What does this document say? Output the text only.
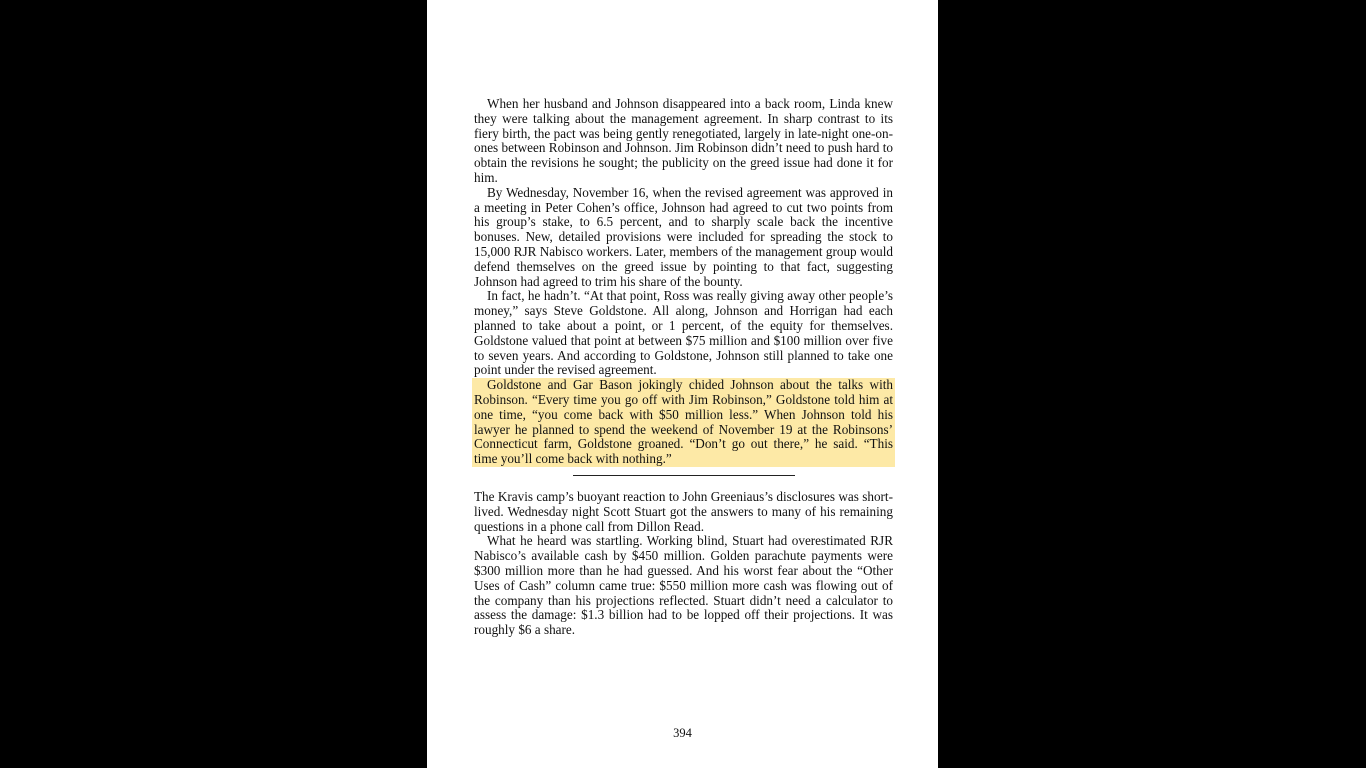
When her husband and Johnson disappeared into a back room, Linda knew they were talking about the management agreement. In sharp contrast to its fiery birth, the pact was being gently renegotiated, largely in late-night one-on-ones between Robinson and Johnson. Jim Robinson didn’t need to push hard to obtain the revisions he sought; the publicity on the greed issue had done it for him.

By Wednesday, November 16, when the revised agreement was approved in a meeting in Peter Cohen’s office, Johnson had agreed to cut two points from his group’s stake, to 6.5 percent, and to sharply scale back the incentive bonuses. New, detailed provisions were included for spreading the stock to 15,000 RJR Nabisco workers. Later, members of the management group would defend themselves on the greed issue by pointing to that fact, suggesting Johnson had agreed to trim his share of the bounty.

In fact, he hadn’t. “At that point, Ross was really giving away other people’s money,” says Steve Goldstone. All along, Johnson and Horrigan had each planned to take about a point, or 1 percent, of the equity for themselves. Goldstone valued that point at between $75 million and $100 million over five to seven years. And according to Goldstone, Johnson still planned to take one point under the revised agreement.

Goldstone and Gar Bason jokingly chided Johnson about the talks with Robinson. “Every time you go off with Jim Robinson,” Goldstone told him at one time, “you come back with $50 million less.” When Johnson told his lawyer he planned to spend the weekend of November 19 at the Robinsons’ Connecticut farm, Goldstone groaned. “Don’t go out there,” he said. “This time you’ll come back with nothing.”

The Kravis camp’s buoyant reaction to John Greeniaus’s disclosures was short-lived. Wednesday night Scott Stuart got the answers to many of his remaining questions in a phone call from Dillon Read.

What he heard was startling. Working blind, Stuart had overestimated RJR Nabisco’s available cash by $450 million. Golden parachute payments were $300 million more than he had guessed. And his worst fear about the “Other Uses of Cash” column came true: $550 million more cash was flowing out of the company than his projections reflected. Stuart didn’t need a calculator to assess the damage: $1.3 billion had to be lopped off their projections. It was roughly $6 a share.

394
